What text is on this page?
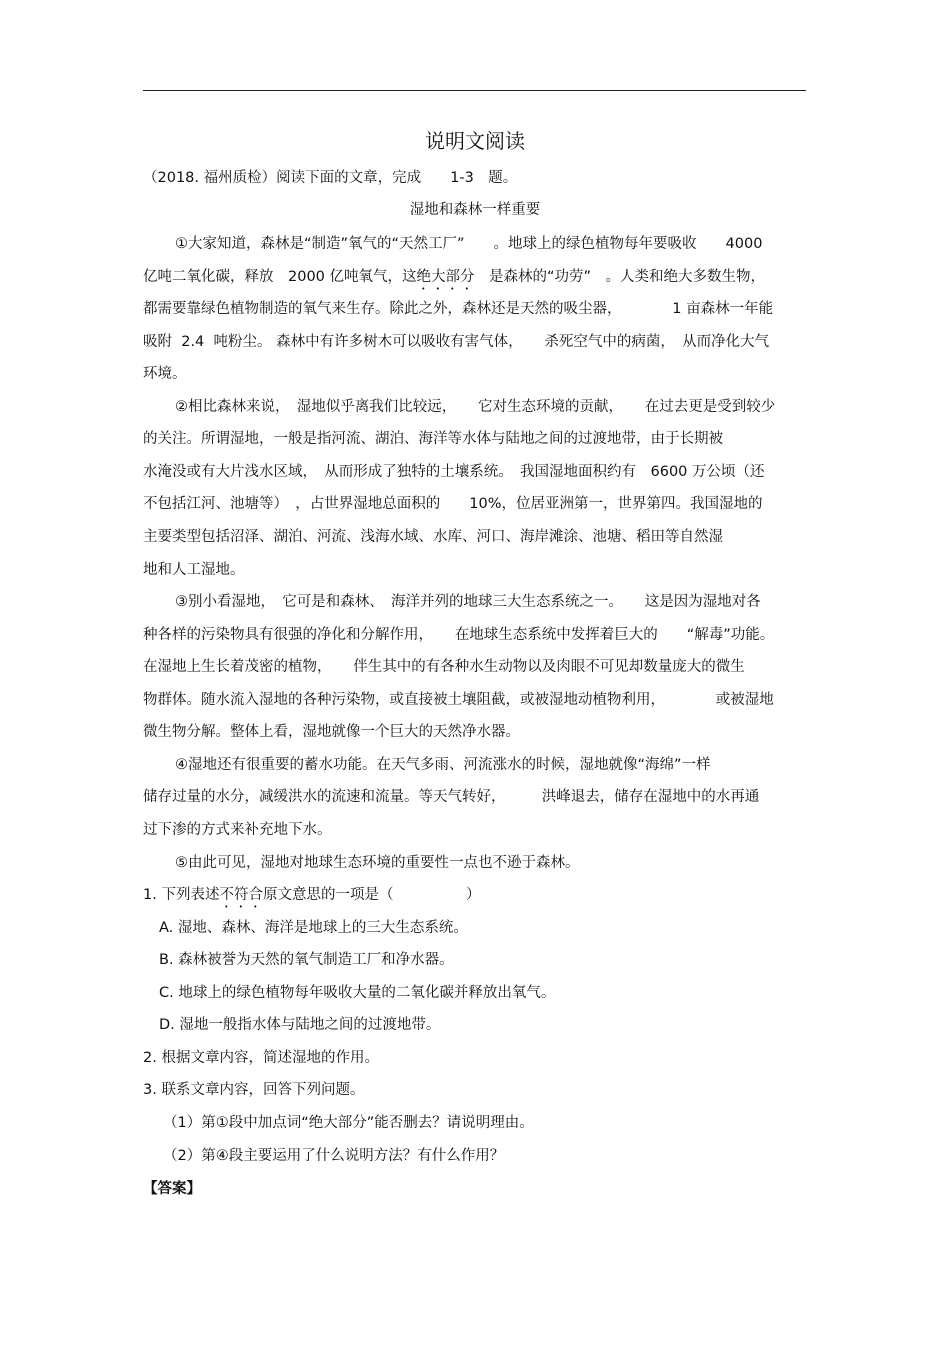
说明文阅读
（2018. 福州质检）阅读下面的文章，完成　　1-3　题。
湿地和森林一样重要
①大家知道，森林是“制造”氧气的“天然工厂”　　。地球上的绿色植物每年要吸收　　4000
亿吨二氧化碳，释放　2000 亿吨氧气，这绝大部分　 是森林的“功劳”　。人类和绝大多数生物，
都需要靠绿色植物制造的氧气来生存。除此之外，森林还是天然的吸尘器，　　　　1 亩森林一年能
吸附  2.4  吨粉尘。 森林中有许多树木可以吸收有害气体，　　杀死空气中的病菌，　从而净化大气
环境。
②相比森林来说，　湿地似乎离我们比较远，　　它对生态环境的贡献，　　在过去更是受到较少
的关注。所谓湿地，一般是指河流、湖泊、海洋等水体与陆地之间的过渡地带，由于长期被
水淹没或有大片浅水区域，　从而形成了独特的土壤系统。　我国湿地面积约有　6600 万公顷（还
不包括江河、池塘等）　，占世界湿地总面积的　　10%，位居亚洲第一，世界第四。我国湿地的
主要类型包括沼泽、湖泊、河流、浅海水域、水库、河口、海岸滩涂、池塘、稻田等自然湿
地和人工湿地。
③别小看湿地，　它可是和森林、　海洋并列的地球三大生态系统之一。　　这是因为湿地对各
种各样的污染物具有很强的净化和分解作用，　　在地球生态系统中发挥着巨大的　　“解毒”功能。
在湿地上生长着茂密的植物，　　伴生其中的有各种水生动物以及肉眼不可见却数量庞大的微生
物群体。随水流入湿地的各种污染物，或直接被土壤阻截，或被湿地动植物利用，　　　　或被湿地
微生物分解。整体上看，湿地就像一个巨大的天然净水器。
④湿地还有很重要的蓄水功能。在天气多雨、河流涨水的时候，湿地就像“海绵”一样
储存过量的水分，减缓洪水的流速和流量。等天气转好，　　　洪峰退去，储存在湿地中的水再通
过下渗的方式来补充地下水。
⑤由此可见，湿地对地球生态环境的重要性一点也不逊于森林。
1. 下列表述不符合原文意思的一项是（　　　　　）
A. 湿地、森林、海洋是地球上的三大生态系统。
B. 森林被誉为天然的氧气制造工厂和净水器。
C. 地球上的绿色植物每年吸收大量的二氧化碳并释放出氧气。
D. 湿地一般指水体与陆地之间的过渡地带。
2. 根据文章内容，简述湿地的作用。
3. 联系文章内容，回答下列问题。
（1）第①段中加点词“绝大部分”能否删去？请说明理由。
（2）第④段主要运用了什么说明方法？有什么作用？
【答案】
